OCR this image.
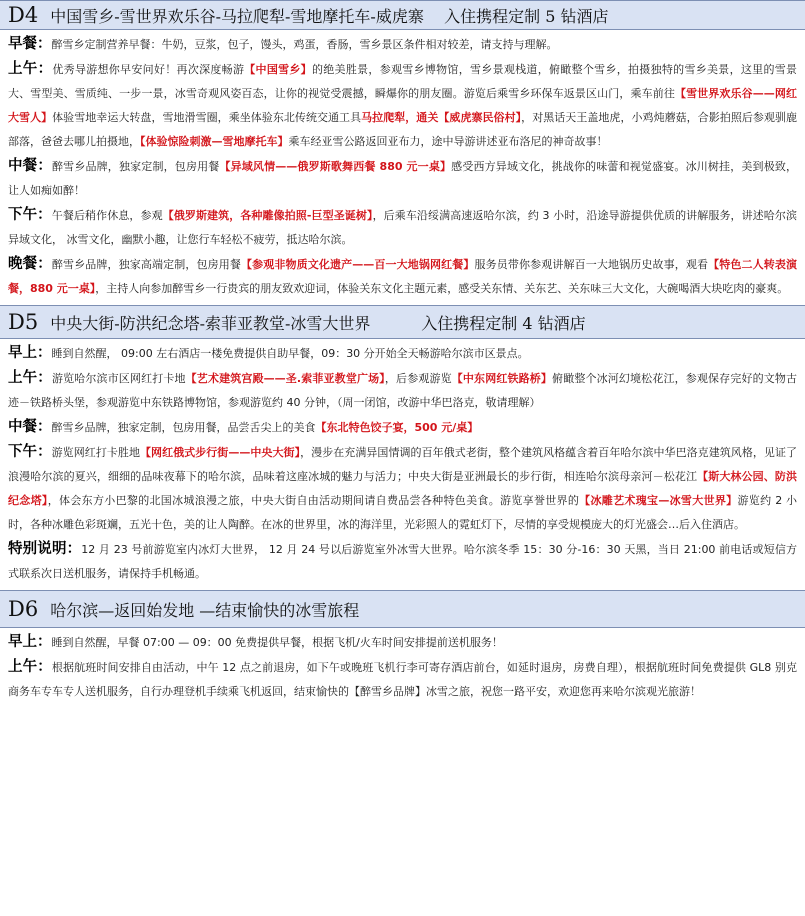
D4 中国雪乡-雪世界欢乐谷-马拉爬犁-雪地摩托车-威虎寨    入住携程定制 5 钻酒店

早餐：醉雪乡定制营养早餐：牛奶，豆浆，包子，馒头，鸡蛋，香肠，雪乡景区条件相对较差，请支持与理解。

上午：优秀导游想你早安问好！再次深度畅游【中国雪乡】的绝美胜景，参观雪乡博物馆，雪乡景观栈道，俯瞰整个雪乡，拍摄独特的雪乡美景，这里的雪景大、雪型美、雪质纯、一步一景，冰雪奇观风姿百态，让你的视觉受震撼，瞬爆你的朋友圈。游览后乘雪乡环保车返景区山门，乘车前往【雪世界欢乐谷——网红大雪人】体验雪地幸运大转盘，雪地滑雪圈，乘坐体验东北传统交通工具马拉爬犁，通关【威虎寨民俗村】，对黑话天王盖地虎，小鸡炖蘑菇，合影拍照后参观驯鹿部落，爸爸去哪儿拍摄地，【体验惊险刺激—雪地摩托车】乘车经亚雪公路返回亚布力，途中导游讲述亚布洛尼的神奇故事！

中餐：醉雪乡品牌，独家定制，包房用餐【异域风情——俄罗斯歌舞西餐 880 元一桌】感受西方异域文化，挑战你的味蕾和视觉盛宴。冰川树挂，美到极致，让人如痴如醉！

下午：午餐后稍作休息，参观【俄罗斯建筑，各种雕像拍照-巨型圣诞树】，后乘车沿绥满高速返哈尔滨，约 3 小时，沿途导游提供优质的讲解服务，讲述哈尔滨异域文化， 冰雪文化，幽默小趣，让您行车轻松不疲劳，抵达哈尔滨。

晚餐：醉雪乡品牌，独家高端定制，包房用餐【参观非物质文化遗产——百一大地锅网红餐】服务员带你参观讲解百一大地锅历史故事，观看【特色二人转表演餐，880 元一桌】，主持人向参加醉雪乡一行贵宾的朋友致欢迎词，体验关东文化主题元素，感受关东情、关东艺、关东味三大文化，大碗喝酒大块吃肉的豪爽。

D5 中央大街-防洪纪念塔-索菲亚教堂-冰雪大世界          入住携程定制 4 钻酒店

早上：睡到自然醒， 09:00 左右酒店一楼免费提供自助早餐，09：30 分开始全天畅游哈尔滨市区景点。

上午：游览哈尔滨市区网红打卡地【艺术建筑宫殿——圣.索菲亚教堂广场】，后参观游览【中东网红铁路桥】俯瞰整个冰河幻境松花江，参观保存完好的文物古迹－铁路桥头堡，参观游览中东铁路博物馆，参观游览约 40 分钟，（周一闭馆，改游中华巴洛克，敬请理解）

中餐：醉雪乡品牌，独家定制，包房用餐，品尝舌尖上的美食【东北特色饺子宴，500 元/桌】

下午：游览网红打卡胜地【网红俄式步行街——中央大街】，漫步在充满异国情调的百年俄式老街，整个建筑风格蕴含着百年哈尔滨中华巴洛克建筑风格，见证了浪漫哈尔滨的夏兴，细细的品味夜幕下的哈尔滨，品味着这座冰城的魅力与活力；中央大街是亚洲最长的步行街，相连哈尔滨母亲河－松花江【斯大林公园、防洪纪念塔】，体会东方小巴黎的北国冰城浪漫之旅，中央大街自由活动期间请自费品尝各种特色美食。游览享誉世界的【冰雕艺术瑰宝—冰雪大世界】游览约 2 小时，各种冰雕色彩斑斓，五光十色，美的让人陶醉。在冰的世界里，冰的海洋里，光彩照人的霓虹灯下，尽情的享受规模庞大的灯光盛会…后入住酒店。

特别说明：12 月 23 号前游览室内冰灯大世界， 12 月 24 号以后游览室外冰雪大世界。哈尔滨冬季 15：30 分-16：30 天黑，当日 21:00 前电话或短信方式联系次日送机服务，请保持手机畅通。

D6 哈尔滨—返回始发地 —结束愉快的冰雪旅程

早上：睡到自然醒，早餐 07:00 — 09：00 免费提供早餐，根据飞机/火车时间安排提前送机服务！

上午：根据航班时间安排自由活动，中午 12 点之前退房，如下午或晚班飞机行李可寄存酒店前台，如延时退房，房费自理），根据航班时间免费提供 GL8 别克商务车专车专人送机服务，自行办理登机手续乘飞机返回，结束愉快的【醉雪乡品牌】冰雪之旅，祝您一路平安，欢迎您再来哈尔滨观光旅游！
